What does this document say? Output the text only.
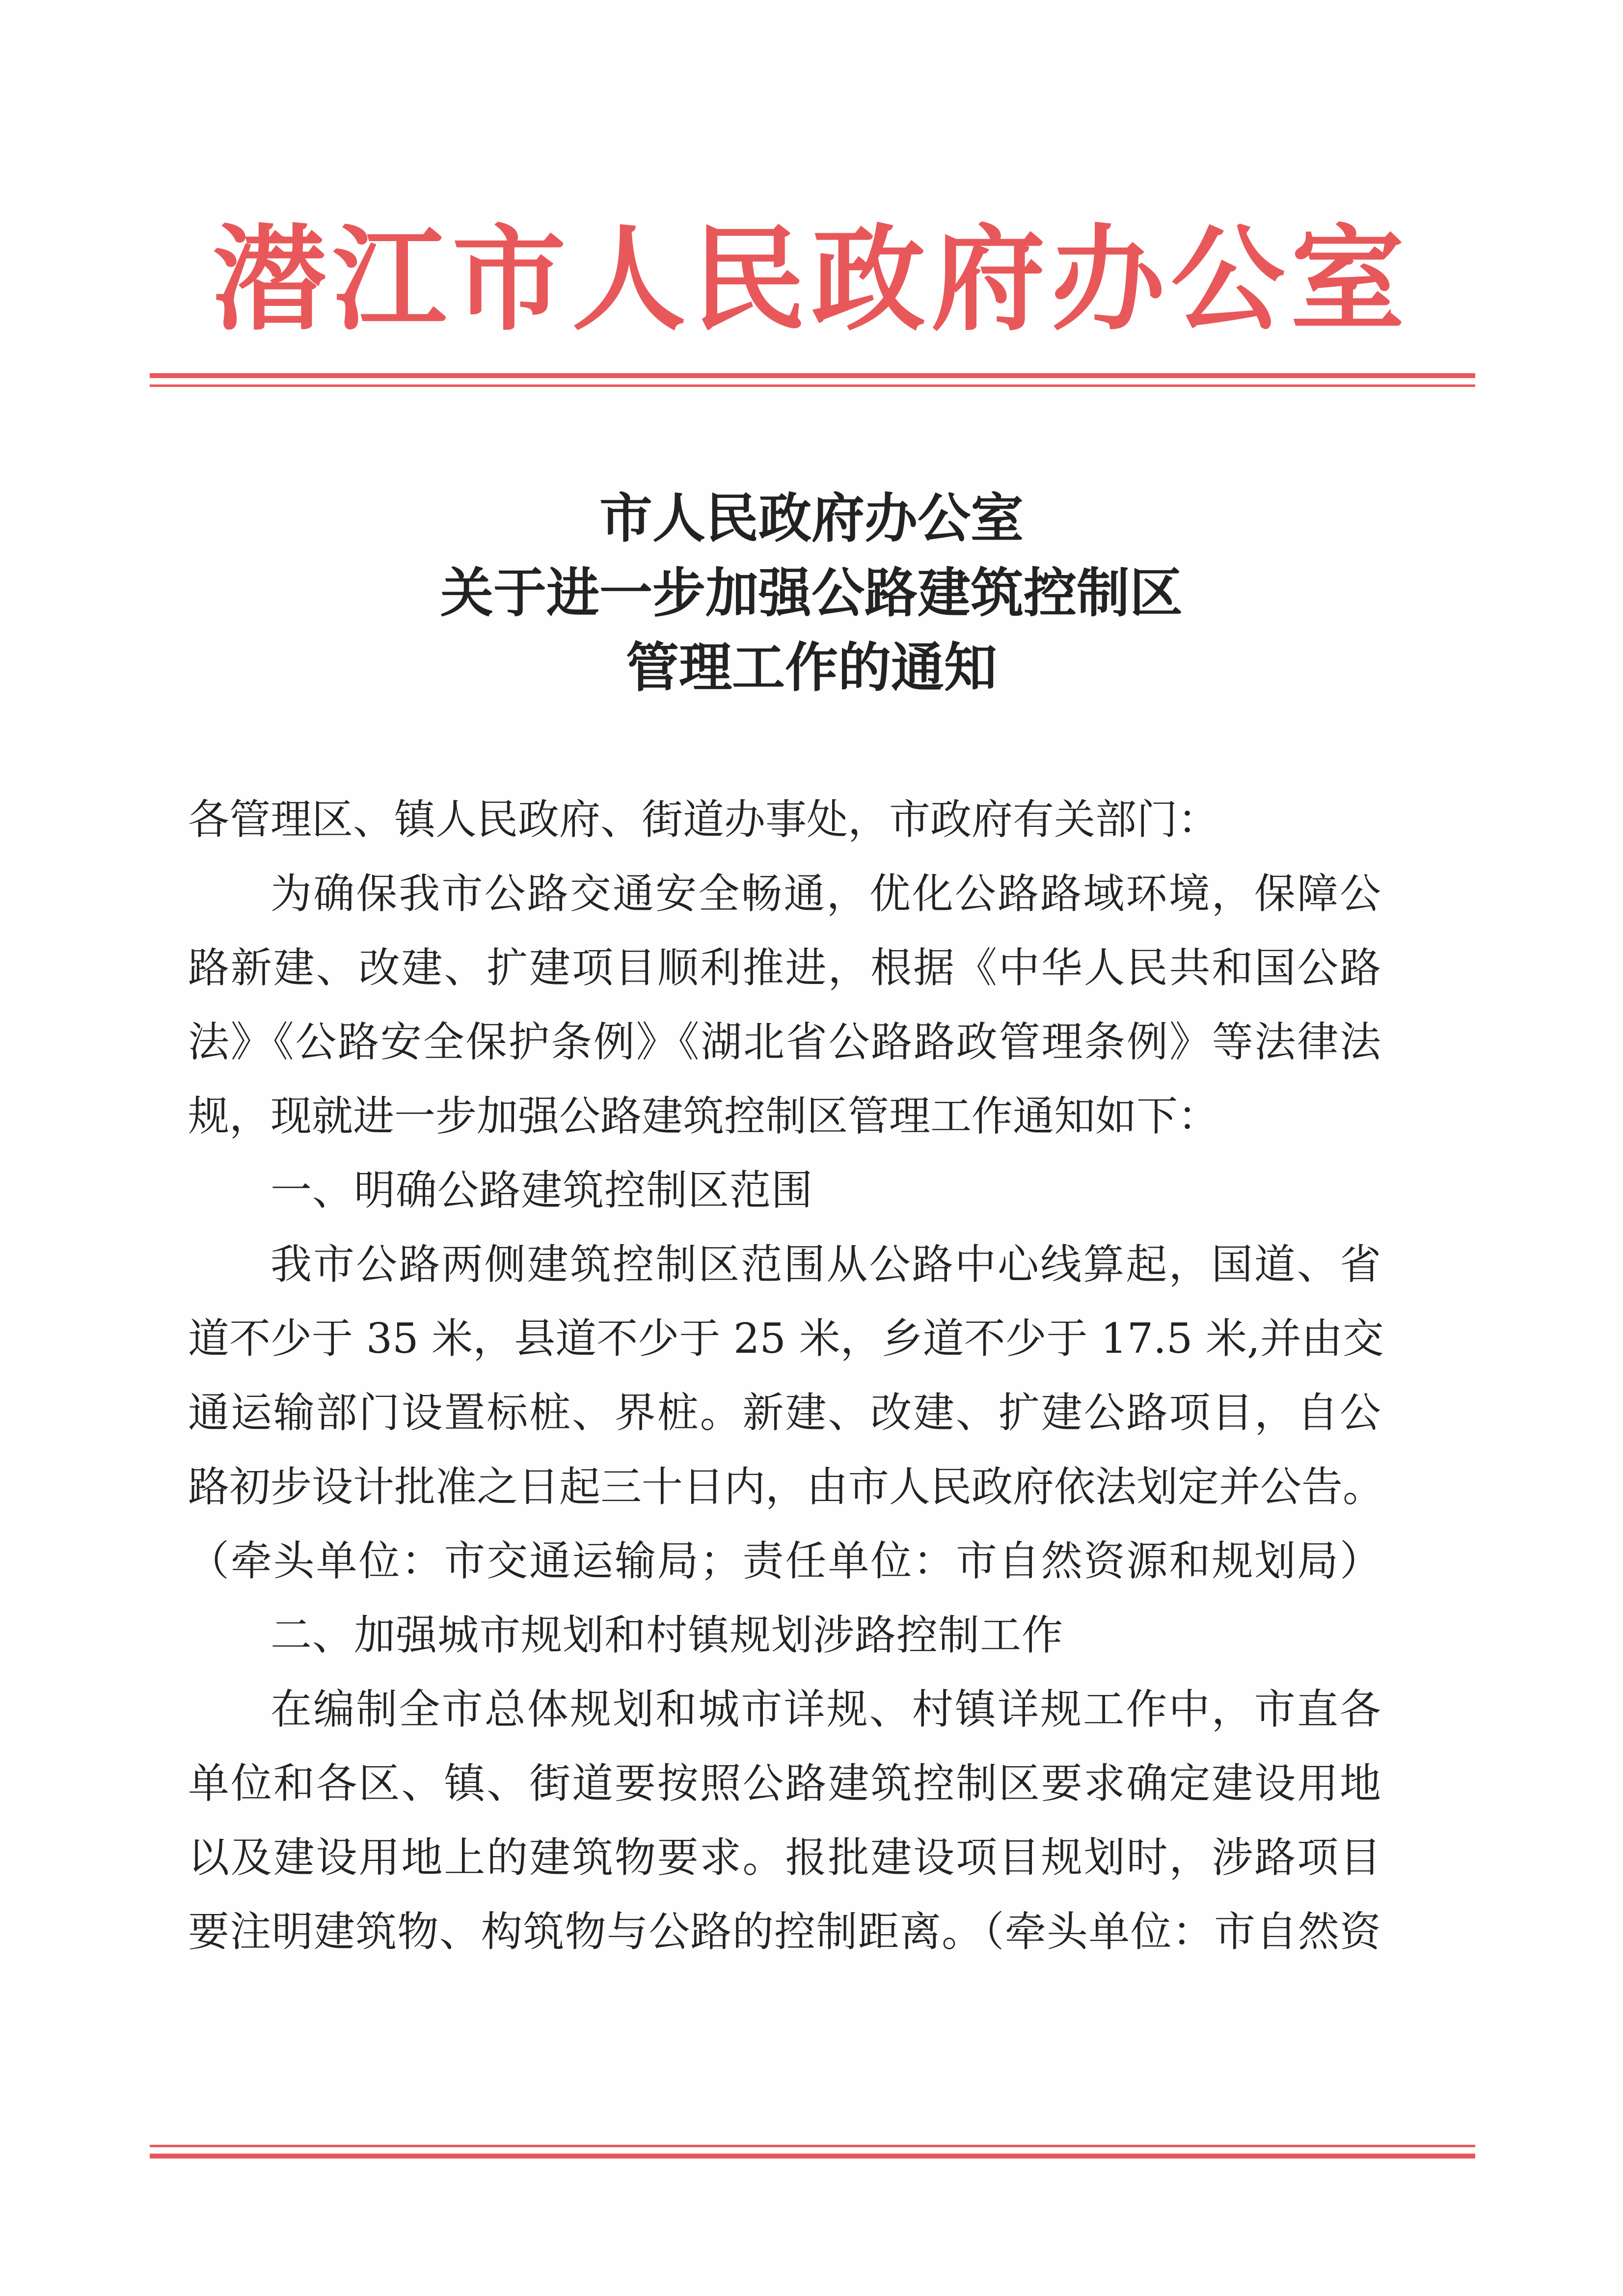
潜江市人民政府办公室
市人民政府办公室
关于进一步加强公路建筑控制区
管理工作的通知
各管理区、镇人民政府、街道办事处，市政府有关部门：
为确保我市公路交通安全畅通，优化公路路域环境，保障公
路新建、改建、扩建项目顺利推进，根据《中华人民共和国公路
法》《公路安全保护条例》《湖北省公路路政管理条例》等法律法
规，现就进一步加强公路建筑控制区管理工作通知如下：
一、明确公路建筑控制区范围
我市公路两侧建筑控制区范围从公路中心线算起，国道、省
道不少于 35 米，县道不少于 25 米，乡道不少于 17.5 米,并由交
通运输部门设置标桩、界桩。新建、改建、扩建公路项目，自公
路初步设计批准之日起三十日内，由市人民政府依法划定并公告。
（牵头单位：市交通运输局；责任单位：市自然资源和规划局）
二、加强城市规划和村镇规划涉路控制工作
在编制全市总体规划和城市详规、村镇详规工作中，市直各
单位和各区、镇、街道要按照公路建筑控制区要求确定建设用地
以及建设用地上的建筑物要求。报批建设项目规划时，涉路项目
要注明建筑物、构筑物与公路的控制距离。（牵头单位：市自然资
